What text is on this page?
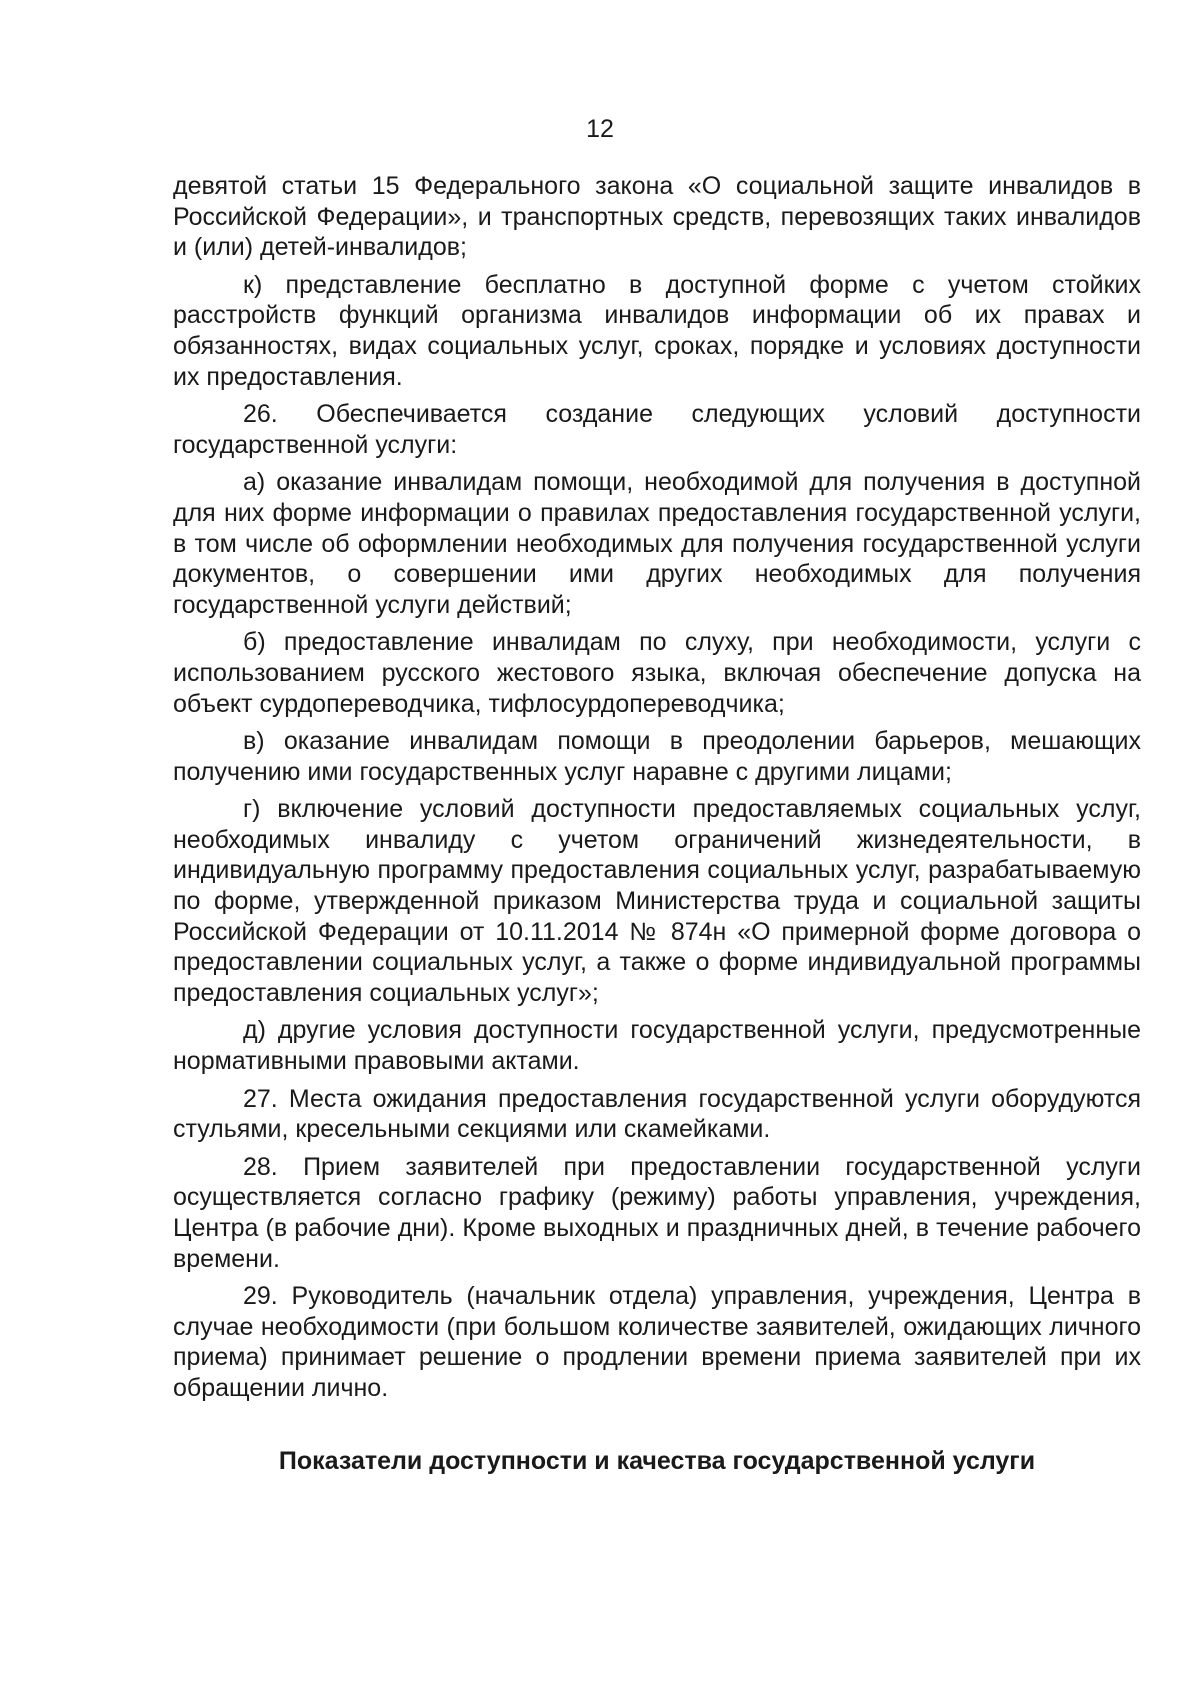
12

девятой статьи 15 Федерального закона «О социальной защите инвалидов в Российской Федерации», и транспортных средств, перевозящих таких инвалидов и (или) детей-инвалидов;

к) представление бесплатно в доступной форме с учетом стойких расстройств функций организма инвалидов информации об их правах и обязанностях, видах социальных услуг, сроках, порядке и условиях доступности их предоставления.

26. Обеспечивается создание следующих условий доступности государственной услуги:

а) оказание инвалидам помощи, необходимой для получения в доступной для них форме информации о правилах предоставления государственной услуги, в том числе об оформлении необходимых для получения государственной услуги документов, о совершении ими других необходимых для получения государственной услуги действий;

б) предоставление инвалидам по слуху, при необходимости, услуги с использованием русского жестового языка, включая обеспечение допуска на объект сурдопереводчика, тифлосурдопереводчика;

в) оказание инвалидам помощи в преодолении барьеров, мешающих получению ими государственных услуг наравне с другими лицами;

г) включение условий доступности предоставляемых социальных услуг, необходимых инвалиду с учетом ограничений жизнедеятельности, в индивидуальную программу предоставления социальных услуг, разрабатываемую по форме, утвержденной приказом Министерства труда и социальной защиты Российской Федерации от 10.11.2014 № 874н «О примерной форме договора о предоставлении социальных услуг, а также о форме индивидуальной программы предоставления социальных услуг»;

д) другие условия доступности государственной услуги, предусмотренные нормативными правовыми актами.

27. Места ожидания предоставления государственной услуги оборудуются стульями, кресельными секциями или скамейками.

28. Прием заявителей при предоставлении государственной услуги осуществляется согласно графику (режиму) работы управления, учреждения, Центра (в рабочие дни). Кроме выходных и праздничных дней, в течение рабочего времени.

29. Руководитель (начальник отдела) управления, учреждения, Центра в случае необходимости (при большом количестве заявителей, ожидающих личного приема) принимает решение о продлении времени приема заявителей при их обращении лично.

Показатели доступности и качества государственной услуги
